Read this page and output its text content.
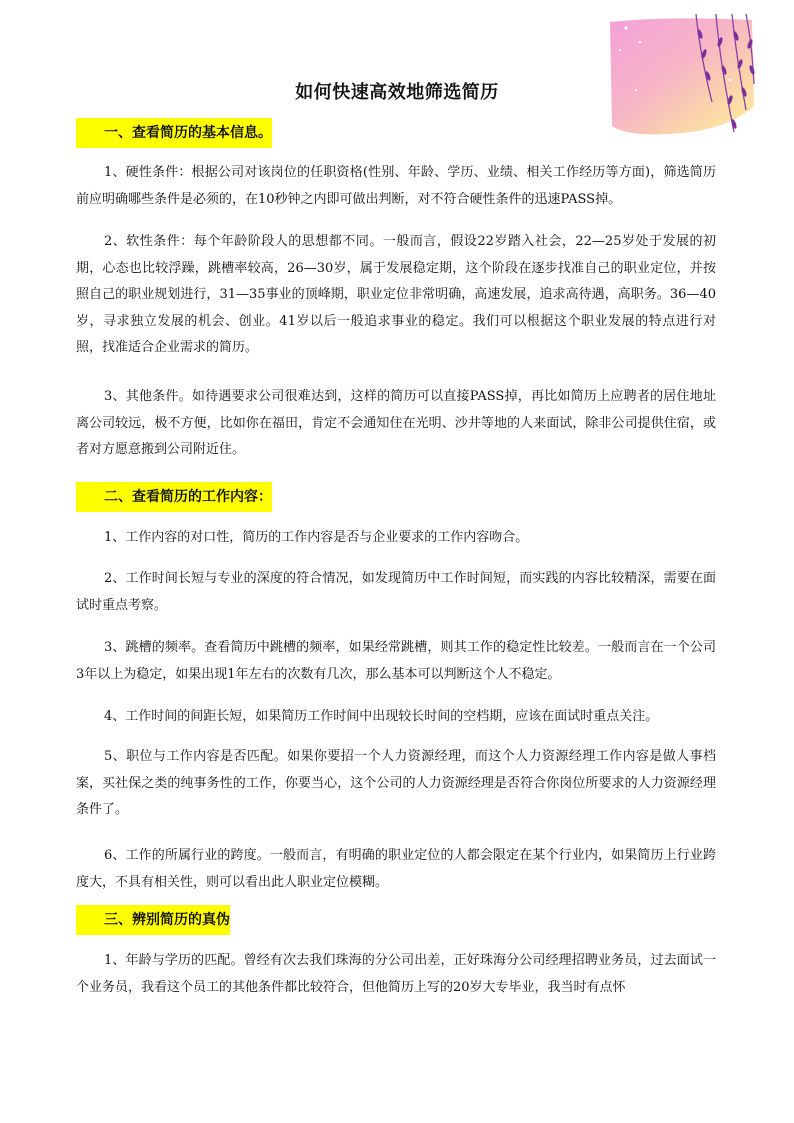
如何快速高效地筛选简历
一、查看简历的基本信息。
1、硬性条件：根据公司对该岗位的任职资格(性别、年龄、学历、业绩、相关工作经历等方面)，筛选简历前应明确哪些条件是必须的，在10秒钟之内即可做出判断，对不符合硬性条件的迅速PASS掉。
2、软性条件：每个年龄阶段人的思想都不同。一般而言，假设22岁踏入社会，22—25岁处于发展的初期，心态也比较浮躁，跳槽率较高，26—30岁，属于发展稳定期，这个阶段在逐步找准自己的职业定位，并按照自己的职业规划进行，31—35事业的顶峰期，职业定位非常明确，高速发展，追求高待遇，高职务。36—40岁，寻求独立发展的机会、创业。41岁以后一般追求事业的稳定。我们可以根据这个职业发展的特点进行对照，找准适合企业需求的简历。
3、其他条件。如待遇要求公司很难达到，这样的简历可以直接PASS掉，再比如简历上应聘者的居住地址离公司较远，极不方便，比如你在福田，肯定不会通知住在光明、沙井等地的人来面试，除非公司提供住宿，或者对方愿意搬到公司附近住。
二、查看简历的工作内容：
1、工作内容的对口性，简历的工作内容是否与企业要求的工作内容吻合。
2、工作时间长短与专业的深度的符合情况，如发现简历中工作时间短，而实践的内容比较精深，需要在面试时重点考察。
3、跳槽的频率。查看简历中跳槽的频率，如果经常跳槽，则其工作的稳定性比较差。一般而言在一个公司3年以上为稳定，如果出现1年左右的次数有几次，那么基本可以判断这个人不稳定。
4、工作时间的间距长短，如果简历工作时间中出现较长时间的空档期，应该在面试时重点关注。
5、职位与工作内容是否匹配。如果你要招一个人力资源经理，而这个人力资源经理工作内容是做人事档案，买社保之类的纯事务性的工作，你要当心，这个公司的人力资源经理是否符合你岗位所要求的人力资源经理条件了。
6、工作的所属行业的跨度。一般而言，有明确的职业定位的人都会限定在某个行业内，如果简历上行业跨度大，不具有相关性，则可以看出此人职业定位模糊。
三、辨别简历的真伪
1、年龄与学历的匹配。曾经有次去我们珠海的分公司出差，正好珠海分公司经理招聘业务员，过去面试一个业务员，我看这个员工的其他条件都比较符合，但他简历上写的20岁大专毕业，我当时有点怀
